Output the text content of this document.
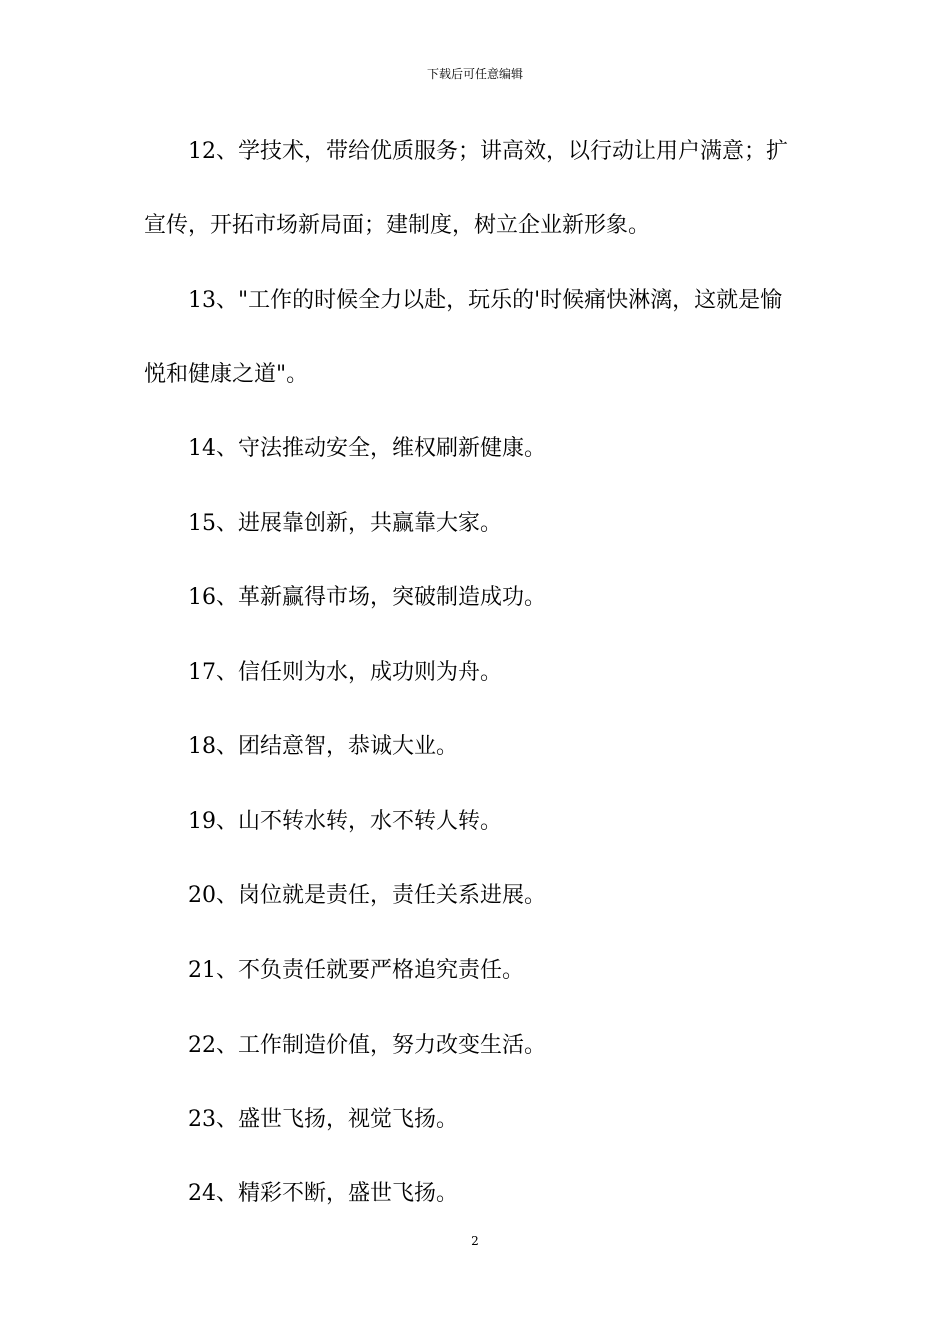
下载后可任意编辑
12、学技术，带给优质服务；讲高效，以行动让用户满意；扩
宣传，开拓市场新局面；建制度，树立企业新形象。
13、"工作的时候全力以赴，玩乐的'时候痛快淋漓，这就是愉
悦和健康之道"。
14、守法推动安全，维权刷新健康。
15、进展靠创新，共赢靠大家。
16、革新赢得市场，突破制造成功。
17、信任则为水，成功则为舟。
18、团结意智，恭诚大业。
19、山不转水转，水不转人转。
20、岗位就是责任，责任关系进展。
21、不负责任就要严格追究责任。
22、工作制造价值，努力改变生活。
23、盛世飞扬，视觉飞扬。
24、精彩不断，盛世飞扬。
2
